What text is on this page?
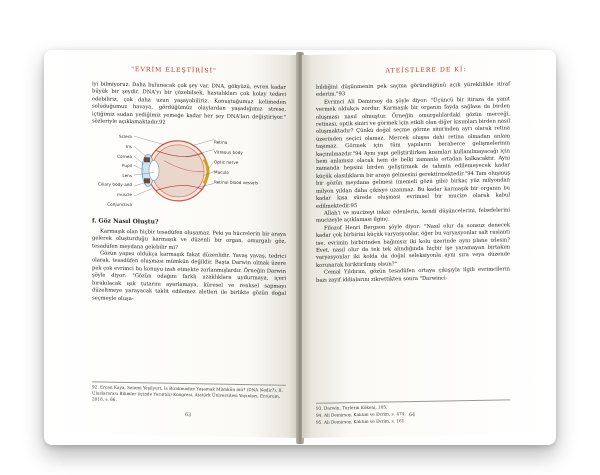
"EVRİM ELEŞTİRİSİ"

iyi bilmiyoruz. Daha bulunacak çok şey var. DNA, gökyüzü, evren kadar büyük bir şeydir. DNA'yı bir çözebilsek, hastalıkları çok kolay tedavi edebiliriz, çok daha uzun yaşayabiliriz. Konuştuğumuz kelimeden soluduğumuz havaya, gördüğümüz olaylardan yaşadığımız strese, içtiğimiz sudan yediğimiz yemeğe kadar her şey DNA'ları değiştiriyor." sözleriyle açıklamaktadır.92

Sclera
Iris
Cornea
Pupil
Lens
Ciliary body and muscle
Conjunctiva
Retina
Vitreous body
Optic nerve
Macula
Retinal blood vessels
f. Göz Nasıl Oluştu?

Karmaşık olan hiçbir tesadüfen oluşamaz. Peki ya hücrelerin bir araya gelerek oluşturduğu karmaşık ve düzenli bir organ, omurgalı göz, tesadüfen meydana gelebilir mi?

Gözün yapısı oldukça karmaşık fakat düzenlidir. Yavaş yavaş, tedrici olarak, tesadüfen oluşması mümkün değildir. Başta Darwin olmak üzere pek çok evrimci bu konuyu izah etmekte zorlanmışlardır. Örneğin Darwin şöyle diyor: "Gözün odağını farklı uzaklıklara uydurmaya, içeri bırakılacak ışık tutarını ayarlamaya, küresel ve renksel sapmayı düzeltmeye yarayacak taklit edilemez aletleri ile birlikte gözün doğal seçmeyle oluşa-

92. Ercan Kaya, Selami Yeşilyurt, İs Bırakmadan Yaşamak Mümkün mü? (DNA Nedir?), II. Uluslararası Bilimler (içinde Yarıntılı) Kongresi, Atatürk Üniversitesi Yayınları, Erzurum, 2018, s. 66.

63
ATEİSTLERE DE Kİ:

bildiğini düşünmenin pek saçma göründüğünü açık yüreklilikle itiraf ederim."93

Evrimci Ali Demirsoy da şöyle diyor: "Üçüncü bir itiraza da yanıt vermek oldukça zordur. Karmaşık bir organın fayda sağlasa da birden oluşması nasıl olmuştur. Örneğin omurgalılardaki gözün merceği, retinası, optik siniri ve görmek için etkili olan diğer kısımları birden nasıl oluşmaktadır? Çünkü doğal seçme görme sinirinden ayrı olarak retina üzerinden seçici olamaz. Mercek oluşsa dahi retina olmadan anlam taşımaz. Görmek için tüm yapıların beraberce gelişmelerinin kaçınılmazdır."94 Aynı yapı geliştirilirken kısımları kullanılmayacağı için hem anlamsız olacak hem de belki zamanla ortadan kalkacaktır. Aynı zamanda hepsini birden geliştirmek de tahmin edilemeyecek kadar küçük olasılıkların bir araya gelmesini gerektirmektedir."94 Tam oluşmuş bir gözün meydana gelmesi (memeli gözü gibi) birkaç yüz milyondan milyon yıldan daha çikisyo uzanmaz. Bu kadar karmaşık bir organın bu kadar kısa sürede oluşması evrimsel bir mucize olarak kabul edilmektedir.95

Allah'ı ve mucizeyi inkar edenlerin, kendi düşüncelerini, felsefelerini mucizeyle açıklaması ilginç.

Filozof Henri Bergson şöyle diyor: "Nasıl olur da sonsuz denecek kadar çok birbirini küçük varyasyonlar, öğer bu varyasyonlar salt raslantı ise, evrimin birbirinden bağımsız iki kolu üzerinde aynı plane izlesin? Evet, nasıl olur da tek tek alındığında hiçbir işe yaramayan birtakım varyasyonlar iki kolda da doğal seleksiyonla aynı sıra veya düzende korunarak biriktirilmiş olsun?"

Cemal Yıldırım, gözün tesadüfen ortaya çıkışıyla ilgili evrimcilerin bazı zayıf iddialarını zikrettikten sonra "Darwinci-

93. Darwin, Türlerin Kökeni, 105.

94. Ali Demirsoy, Kalıtım ve Evrim, s. 474.

95. Ali Demirsoy, Kalıtım ve Evrim, s. 161.

64
